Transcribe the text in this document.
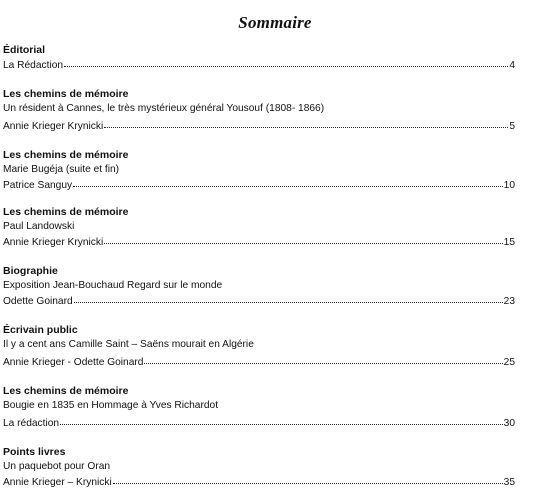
Sommaire
Éditorial
La Rédaction	4
Les chemins de mémoire
Un résident à Cannes, le très mystérieux général Yousouf (1808- 1866)
Annie Krieger Krynicki	5
Les chemins de mémoire
Marie Bugéja (suite et fin)
Patrice Sanguy	10
Les chemins de mémoire
Paul Landowski
Annie Krieger Krynicki	15
Biographie
Exposition Jean-Bouchaud Regard sur le monde
Odette Goinard	23
Écrivain public
Il y a cent ans Camille Saint – Saëns mourait en Algérie
Annie Krieger - Odette Goinard	25
Les chemins de mémoire
Bougie en 1835 en Hommage à Yves Richardot
La rédaction	30
Points livres
Un paquebot pour Oran
Annie Krieger – Krynicki	35
